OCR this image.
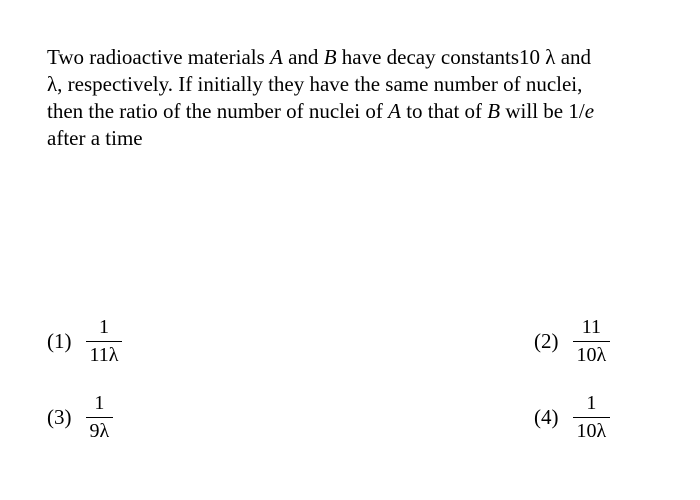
Two radioactive materials A and B have decay constants10 λ and
λ, respectively. If initially they have the same number of nuclei,
then the ratio of the number of nuclei of A to that of B will be 1/e
after a time
$(1) \frac{1}{11\lambda}$	$(2) \frac{11}{10\lambda}$
$(3) \frac{1}{9\lambda}$	$(4) \frac{1}{10\lambda}$
